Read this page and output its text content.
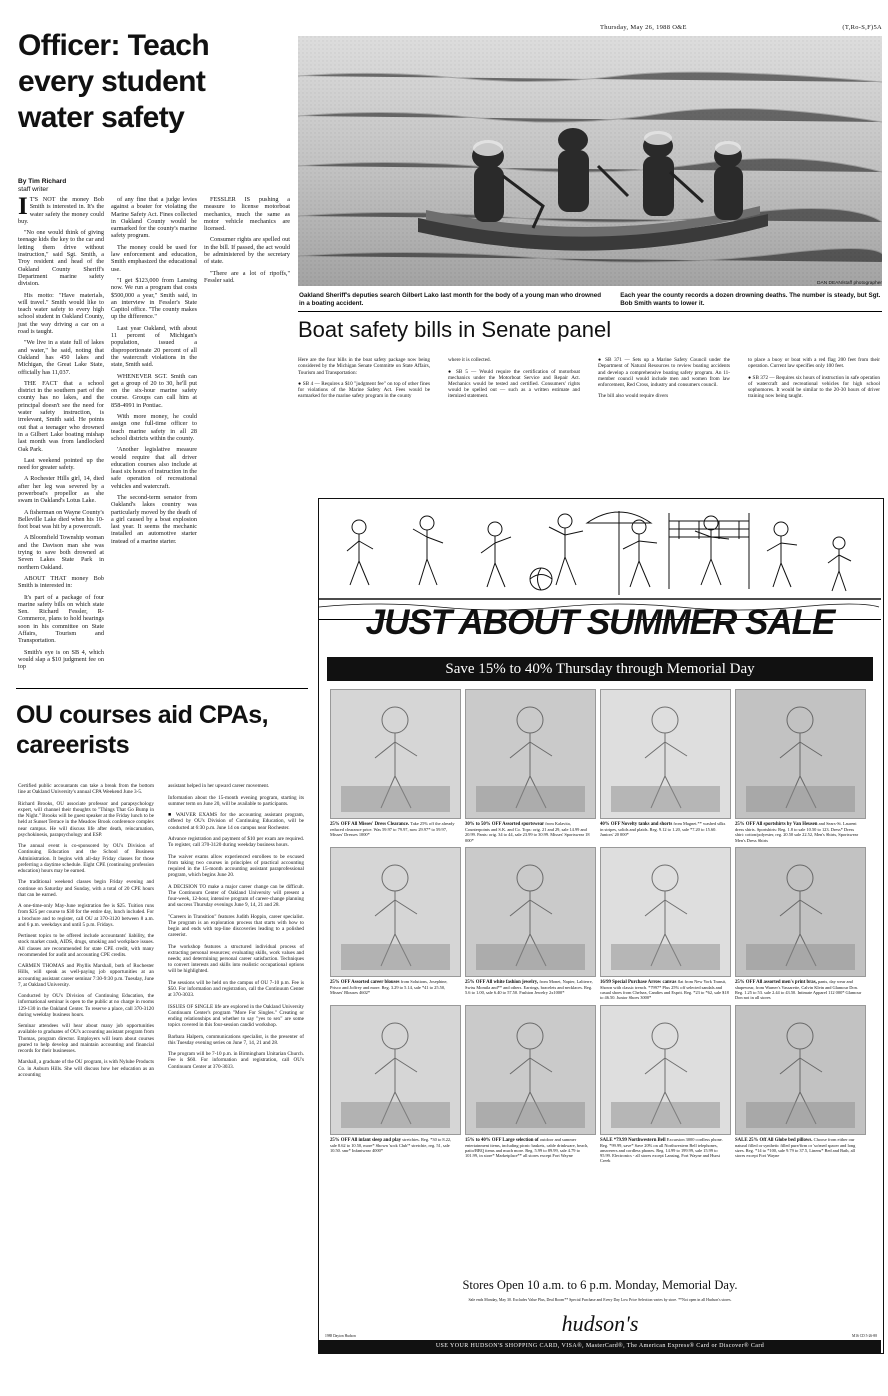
(T,Ro-S,F)5A
Thursday, May 26, 1988 O&E
Officer: Teach every student water safety
By Tim Richard
staff writer

I T'S NOT the money Bob Smith is interested in. It's the water safety the money could buy.

"No one would think of giving teenage kids the key to the car and letting them drive without instruction," said Sgt. Smith, a Troy resident and head of the Oakland County Sheriff's Department marine safety division.

His motto: "Have materials, will travel." Smith would like to teach water safety to every high school student in Oakland County, just the way driving a car on a road is taught.

"We live in a state full of lakes and water," he said, noting that Oakland has 450 lakes and Michigan, the Great Lake State, officially has 11,037.

THE FACT that a school district in the southern part of the county has no lakes, and the principal doesn't see the need for water safety instruction, is irrelevant, Smith said. He points out that a teenager who drowned in a Gilbert Lake boating mishap last month was from landlocked Oak Park.

Last weekend pointed up the need for greater safety.

A Rochester Hills girl, 14, died after her leg was severed by a powerboat's propellor as she swam in Oakland's Lotus Lake.

A fisherman on Wayne County's Belleville Lake died when his 10-foot boat was hit by a powercraft.

A Bloomfield Township woman and the Davison man she was trying to save both drowned at Seven Lakes State Park in northern Oakland.

ABOUT THAT money Bob Smith is interested in:

It's part of a package of four marine safety bills on which state Sen. Richard Fessler, R-Commerce, plans to hold hearings soon in his committee on State Affairs, Tourism and Transportation.

Smith's eye is on SB 4, which would slap a $10 judgment fee on top

of any fine that a judge levies against a boater for violating the Marine Safety Act. Fines collected in Oakland County would be earmarked for the county's marine safety program.

The money could be used for law enforcement and education, Smith emphasized the educational use.

"I get $123,000 from Lansing now. We run a program that costs $500,000 a year," Smith said, in an interview in Fessler's State Capitol office. "The county makes up the difference."

Last year Oakland, with about 11 percent of Michigan's population, issued a disproportionate 20 percent of all the watercraft violations in the state, Smith said.

WHENEVER SGT. Smith can get a group of 20 to 30, he'll put on the six-hour marine safety course. Groups can call him at 858-4991 in Pontiac.

With more money, he could assign one full-time officer to teach marine safety in all 28 school districts within the county.

'Another legislative measure would require that all driver education courses also include at least six hours of instruction in the safe operation of recreational vehicles and watercraft.

The second-term senator from Oakland's lakes country was particularly moved by the death of a girl caused by a boat explosion last year. It seems the mechanic installed an automotive starter instead of a marine starter.

FESSLER IS pushing a measure to license motorboat mechanics, much the same as motor vehicle mechanics are licensed.

Consumer rights are spelled out in the bill. If passed, the act would be administered by the secretary of state.

"There are a lot of ripoffs," Fessler said.	DAN DEAN/staff photographer
Oakland Sheriff's deputies search Gilbert Lako last month for the body of a young man who drowned in a boating accident.	Each year the county records a dozen drowning deaths. The number is steady, but Sgt. Bob Smith wants to lower it.
Boat safety bills in Senate panel

Here are the four bills in the boat safety package now being considered by the Michigan Senate Committe on State Affairs, Tourism and Transportation:

● SB 4 — Requires a $10 "judgment fee" on top of other fines for violations of the Marine Safety Act. Fees would be earmarked for the marine safety program in the county

where it is collected.

● SB 5 — Would require the certification of motorboat mechanics under the Motorboat Service and Repair Act. Mechanics would be tested and certified. Consumers' rights would be spelled out — such as a written estimate and itemized statement.

● SB 371 — Sets up a Marine Safety Council under the Department of Natural Resources to review boating accidents and develop a comprehensive boating safety program. An 11-member council would include men and women from law enforcement, Red Cross, industry and consumers council.

The bill also would require divers

to place a buoy or boat with a red flag 200 feet from their operation. Current law specifies only 100 feet.

● SB 372 — Requires six hours of instruction in safe operation of watercraft and recreational vehicles for high school sophomores. It would be similar to the 20-30 hours of driver training now being taught.

OU courses aid CPAs, careerists

Certified public accountants can take a break from the bottom line at Oakland University's annual CPA Weekend June 3-5.

Richard Brooks, OU associate professor and parapsychology expert, will channel their thoughts to "Things That Go Bump in the Night." Brooks will be guest speaker at the Friday lunch to be held at Sunset Terrace in the Meadow Brook conference complex near campus. He will discuss life after death, reincarnation, psychokinesis, parapsychology and ESP.

The annual event is co-sponsored by OU's Division of Continuing Education and the School of Business Administration. It begins with all-day Friday classes for those preferring a daytime schedule. Eight CPE (continuing profession education) hours may be earned.

The traditional weekend classes begin Friday evening and continue on Saturday and Sunday, with a total of 20 CPE hours that can be earned.

A one-time-only May-June registration fee is $25. Tuition runs from $25 per course to $30 for the entire day, lunch included. For a brochure and to register, call OU at 370-3120 between 8 a.m. and 6 p.m. weekdays and until 5 p.m. Fridays.

Pertinent topics to be offered include accountants' liability, the stock market crash, AIDS, drugs, smoking and workplace issues. All classes are recommended for state CPE credit, with many recommended for audit and accounting CPE credits.

CARMEN THOMAS and Phyllis Marshall, both of Rochester Hills, will speak as well-paying job opportunities at an accounting assistant career seminar 7:30-9:30 p.m. Tuesday, June 7, at Oakland University.

Conducted by OU's Division of Continuing Education, the informational seminar is open to the public at no charge in rooms 129-130 in the Oakland Center. To reserve a place, call 370-3120 during weekday business hours.

Seminar attendees will hear about many job opportunities available to graduates of OU's accounting assistant program from Thomas, program director. Employers will learn about courses geared to help develop and maintain accounting and financial records for their businesses.

Marshall, a graduate of the OU program, is with Nylube Products Co. in Auburn Hills. She will discuss how her education as an accounting

assistant helped in her upward career movement.

Information about the 15-month evening program, starting its summer term on June 20, will be available to participants.

■ WAIVER EXAMS for the accounting assistant program, offered by OU's Division of Continuing Education, will be conducted at 6:30 p.m. June 14 on campus near Rochester.

Advance registration and payment of $10 per exam are required. To register, call 370-3120 during weekday business hours.

The waiver exams allow experienced enrollees to be excused from taking two courses in principles of practical accounting required in the 15-month accounting assistant paraprofessional program, which begins June 20.

A DECISION TO make a major career change can be difficult. The Continuum Center of Oakland University will present a four-week, 12-hour, intensive program of career-change planning and success Thursday evenings June 9, 14, 21 and 28.

"Careers in Transition" features Judith Hoppin, career specialist. The program is an exploration process that starts with how to begin and ends with top-line discoveries leading to a polished careerist.

The workshop features a structured individual process of extracting personal resources; evaluating skills, work values and needs; and determining personal career satisfaction. Techniques to convert interests and skills into realistic occupational options will be highlighted.

The sessions will be held on the campus of OU 7-10 p.m. Fee is $50. For information and registration, call the Continuum Center at 370-3033.

ISSUES OF SINGLE life are explored in the Oakland University Continuum Center's program "More For Singles." Creating or ending relationships and whether to say "yes to sex" are some topics covered in this four-session candid workshop.

Barbara Halpern, communications specialist, is the presenter of this Tuesday evening series on June 7, 14, 21 and 28.

The program will be 7-10 p.m. in Birmingham Unitarian Church. Fee is $60. For information and registration, call OU's Continuum Center at 370-3033.

JUST ABOUT SUMMER SALE
Save 15% to 40% Thursday through Memorial Day
25% OFF All Misses' Dress Clearance. Take 25% off the already reduced clearance price. Was 59.97 to 79.97, now 29.97* to 59.97, Misses' Dresses 1000*
30% to 50% OFF Assorted sportswear from Kalavita, Counterpoints and S.K. and Co. Tops: orig. 21 and 29, sale 14.99 and 20.99. Pants: orig. 34 to 44, sale 23.99 to 30.99. Misses' Sportswear 18 000*
40% OFF Novelty tanks and shorts from Magnet.** washed silks in stripes, solids and plaids. Reg. 9.12 to 1.20, sale *7.20 to 15.60. Juniors' 20 000*
25% OFF All sportshirts by Van Heusen and Sears-St. Laurent dress shirts. Sportshirts: Reg. 1.8 to sale 10.50 to 123. Dress* Dress shirt: cotton/polyester, reg. 20.50 sale 22.52, Men's Shirts, Sportswear Men's Dress Shirts
25% OFF Assorted career blouses from Solutions, Josephine, Prisco and Joffrey and more. Reg. 3.29 to 5.14, sale *41 to 25.50, Misses' Blouses 4602*
25% OFF All white fashion jewelry, from Monet, Napier, Laliterre, Swiss Momila and** and others. Earrings, bracelets and necklaces. Reg. 5.6 to 1.00, sale 6.40 to 57.50. Fashion Jewelry 2x1000*
16/99 Special Purchase Arrow canvas flat from New York Transit, Shown with classic trench. *7997* Plus 25% off selected sandals and casual shoes from Chelsea, Candies and Esprit. Reg. *23 to *62, sale $18 to 46.50. Junior Shoes 3000*
25% OFF All assorted men's print bras, pants, day wear and shapewear, from Warner's Vassarette, Calvin Klein and Glamour Don. Reg. 1.25 to 53. sale 2.44 to 43.50. Intimate Apparel 112 000* Glamour Don not in all stores
25% OFF All infant sleep and play stretchies. Reg. *30 to 8.22, sale 8.62 to 10.50, more* Shown 'sock Club'* stretchie, reg. 51, sale 10.50. smr* Infantwear 4000*
15% to 40% OFF Large selection of outdoor and summer entertainment items, including picnic baskets, cable drinkware, beach, patio/BBQ items and much more. Reg. 5.99 to 89.99, sale 4.79 to 101.99, in store* Marketplace** all stores except Fort Wayne
SALE *79.99 Northwestern Bell Excursion 3000 cordless phone. Reg. *99.99, save* Save 20% on all Northwestern Bell telephones, answerers and cordless phones. Reg. 14.99 to 199.99, sale 15.99 to 95.99. Electronics - all stores except Lansing, Fort Wayne and Hurst Creek
SALE 25% Off All Globe bed pillows. Choose from either our natural filled or synthetic filled pure/firm or 'so/med spacer and long sizes. Reg. *14 to *100, sale 9.79 to 37.5, Linens* Bed and Bath, all stores except Fort Wayne
Stores Open 10 a.m. to 6 p.m. Monday, Memorial Day.
Sale ends Monday, May 30. Excludes Value Plus, Deal Room** Special Purchase and Every Day Low Price Selection varies by store. **Not open in all Hudson's stores.
hudson's
1988 Dayton Hudson	M16 CD 5-26-88
USE YOUR HUDSON'S SHOPPING CARD, VISA®, MasterCard®, The American Express® Card or Discover® Card
